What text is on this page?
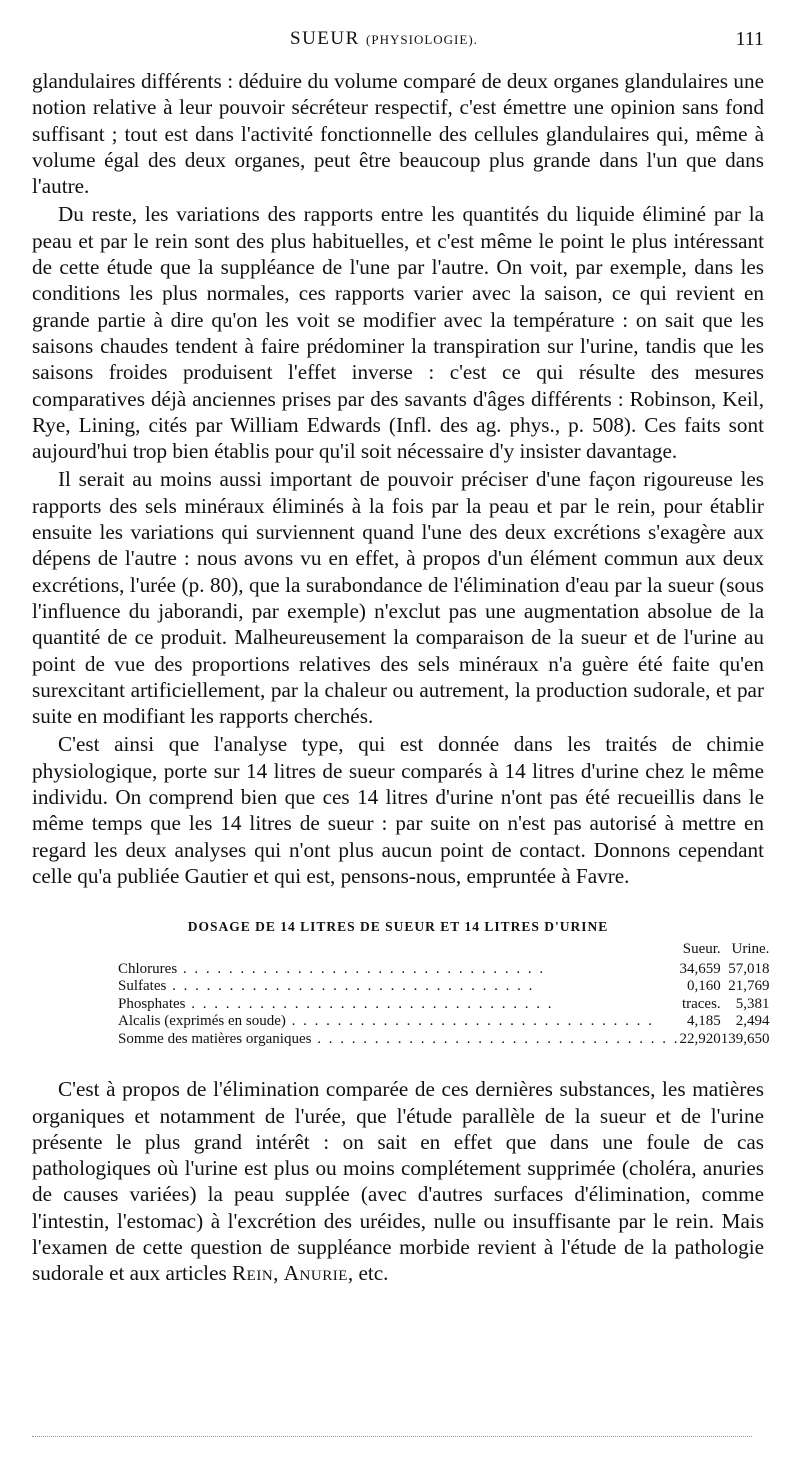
SUEUR (PHYSIOLOGIE).	111

glandulaires différents : déduire du volume comparé de deux organes glandulaires une notion relative à leur pouvoir sécréteur respectif, c'est émettre une opinion sans fond suffisant ; tout est dans l'activité fonctionnelle des cellules glandulaires qui, même à volume égal des deux organes, peut être beaucoup plus grande dans l'un que dans l'autre.

Du reste, les variations des rapports entre les quantités du liquide éliminé par la peau et par le rein sont des plus habituelles, et c'est même le point le plus intéressant de cette étude que la suppléance de l'une par l'autre. On voit, par exemple, dans les conditions les plus normales, ces rapports varier avec la saison, ce qui revient en grande partie à dire qu'on les voit se modifier avec la température : on sait que les saisons chaudes tendent à faire prédominer la transpiration sur l'urine, tandis que les saisons froides produisent l'effet inverse : c'est ce qui résulte des mesures comparatives déjà anciennes prises par des savants d'âges différents : Robinson, Keil, Rye, Lining, cités par William Edwards (Infl. des ag. phys., p. 508). Ces faits sont aujourd'hui trop bien établis pour qu'il soit nécessaire d'y insister davantage.

Il serait au moins aussi important de pouvoir préciser d'une façon rigoureuse les rapports des sels minéraux éliminés à la fois par la peau et par le rein, pour établir ensuite les variations qui surviennent quand l'une des deux excrétions s'exagère aux dépens de l'autre : nous avons vu en effet, à propos d'un élément commun aux deux excrétions, l'urée (p. 80), que la surabondance de l'élimination d'eau par la sueur (sous l'influence du jaborandi, par exemple) n'exclut pas une augmentation absolue de la quantité de ce produit. Malheureusement la comparaison de la sueur et de l'urine au point de vue des proportions relatives des sels minéraux n'a guère été faite qu'en surexcitant artificiellement, par la chaleur ou autrement, la production sudorale, et par suite en modifiant les rapports cherchés.

C'est ainsi que l'analyse type, qui est donnée dans les traités de chimie physiologique, porte sur 14 litres de sueur comparés à 14 litres d'urine chez le même individu. On comprend bien que ces 14 litres d'urine n'ont pas été recueillis dans le même temps que les 14 litres de sueur : par suite on n'est pas autorisé à mettre en regard les deux analyses qui n'ont plus aucun point de contact. Donnons cependant celle qu'a publiée Gautier et qui est, pensons-nous, empruntée à Favre.

DOSAGE DE 14 LITRES DE SUEUR ET 14 LITRES D'URINE
	Sueur.	Urine.
Chlorures . . .	34,659	57,018
Sulfates . . .	0,160	21,769
Phosphates . . .	traces.	5,381
Alcalis (exprimés en soude) . . .	4,185	2,494
Somme des matières organiques . . .	22,920	139,650

C'est à propos de l'élimination comparée de ces dernières substances, les matières organiques et notamment de l'urée, que l'étude parallèle de la sueur et de l'urine présente le plus grand intérêt : on sait en effet que dans une foule de cas pathologiques où l'urine est plus ou moins complétement supprimée (choléra, anuries de causes variées) la peau supplée (avec d'autres surfaces d'élimination, comme l'intestin, l'estomac) à l'excrétion des uréides, nulle ou insuffisante par le rein. Mais l'examen de cette question de suppléance morbide revient à l'étude de la pathologie sudorale et aux articles Rein, Anurie, etc.
